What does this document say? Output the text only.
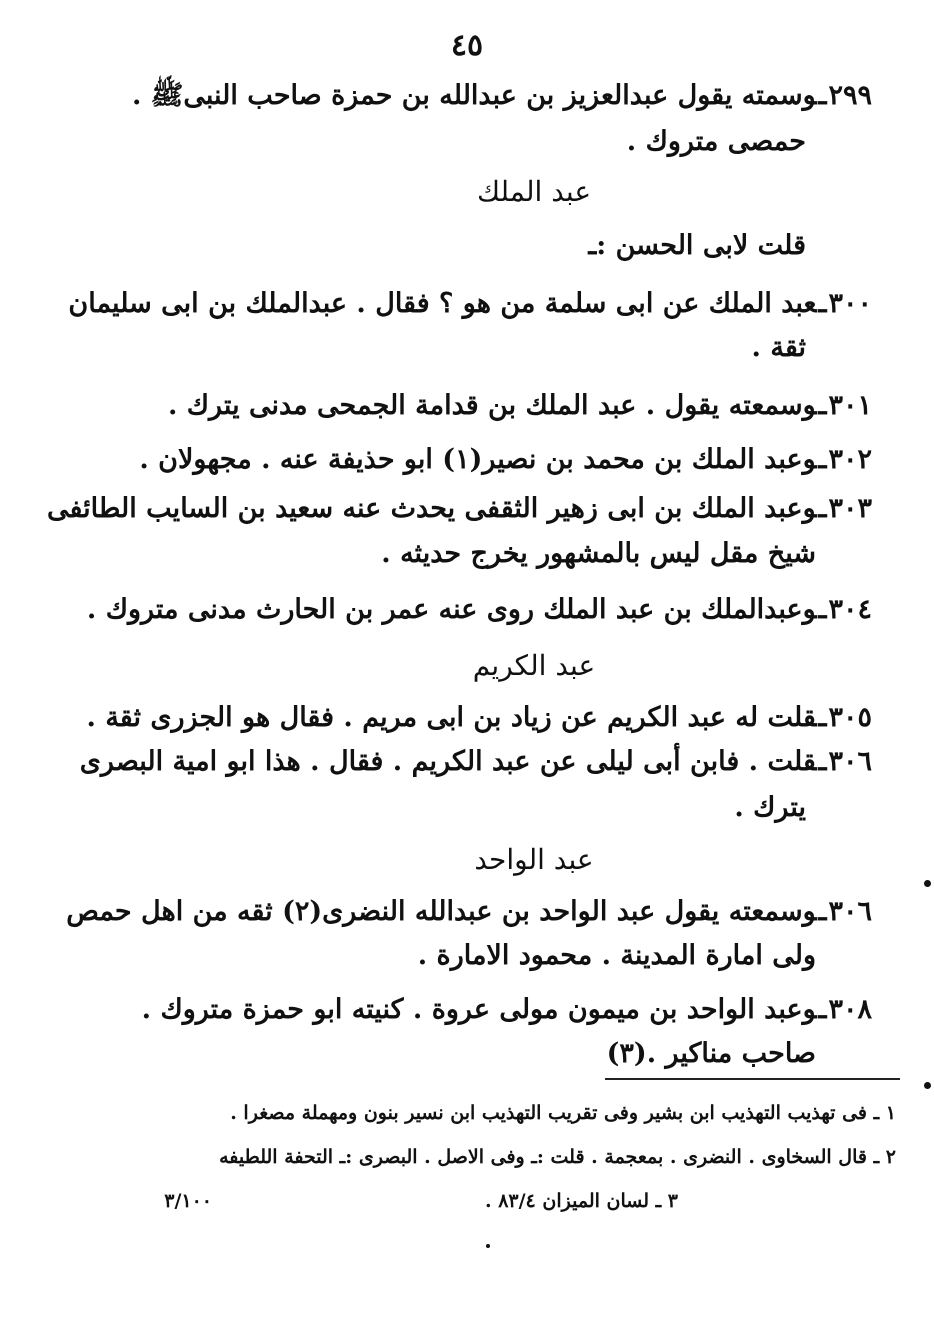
٤٥
٢٩٩ـوسمته يقول عبدالعزيز بن عبدالله بن حمزة صاحب النبىﷺ .
حمصى متروك .
عبد الملك
قلت لابى الحسن :ـ
٣٠٠ـعبد الملك عن ابى سلمة من هو ؟ فقال . عبدالملك بن ابى سليمان
ثقة .
٣٠١ـوسمعته يقول . عبد الملك بن قدامة الجمحى مدنى يترك .
٣٠٢ـوعبد الملك بن محمد بن نصير(١) ابو حذيفة عنه . مجهولان .
٣٠٣ـوعبد الملك بن ابى زهير الثقفى يحدث عنه سعيد بن السايب الطائفى
شيخ مقل ليس بالمشهور يخرج حديثه .
٣٠٤ـوعبدالملك بن عبد الملك روى عنه عمر بن الحارث مدنى متروك .
عبد الكريم
٣٠٥ـقلت له عبد الكريم عن زياد بن ابى مريم . فقال هو الجزرى ثقة .
٣٠٦ـقلت . فابن أبى ليلى عن عبد الكريم . فقال . هذا ابو امية البصرى
يترك .
عبد الواحد
٣٠٦ـوسمعته يقول عبد الواحد بن عبدالله النضرى(٢) ثقه من اهل حمص
ولى امارة المدينة . محمود الامارة .
٣٠٨ـوعبد الواحد بن ميمون مولى عروة . كنيته ابو حمزة متروك .
صاحب مناكير .(٣)
١ ـ فى تهذيب التهذيب ابن بشير وفى تقريب التهذيب ابن نسير بنون ومهملة مصغرا .
٢ ـ قال السخاوى . النضرى . بمعجمة . قلت :ـ وفى الاصل . البصرى :ـ التحفة اللطيفه
٣ ـ لسان الميزان ٨٣/٤ .
٣/١٠٠
